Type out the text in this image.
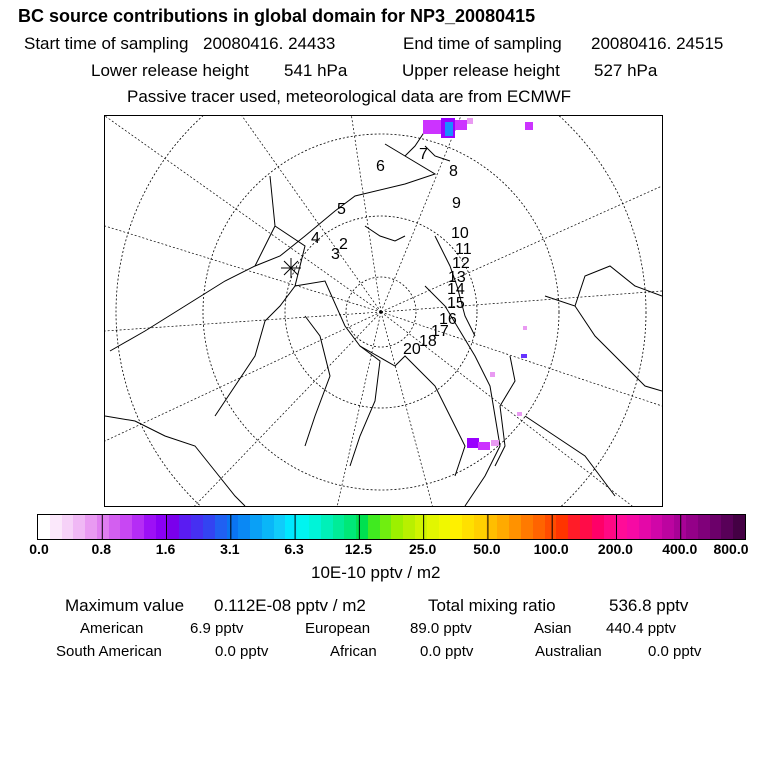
BC source contributions in global domain for NP3_20080415
Start time of sampling 20080416. 24433	End time of sampling 20080416. 24515
Lower release height 541 hPa	Upper release height 527 hPa
Passive tracer used, meteorological data are from ECMWF
2
3
4
5
6
7
8
9
10
11
12
13
14
15
16
17
18
20
0.0	0.8	1.6	3.1	6.3	12.5	25.0	50.0 100.0 200.0 400.0 800.0
10E-10 pptv / m2
Maximum value 0.112E-08 pptv / m2	Total mixing ratio	536.8 pptv
American	6.9 pptv	European	89.0 pptv	Asian 440.4 pptv
South American	0.0 pptv	African	0.0 pptv	Australian	0.0 pptv
